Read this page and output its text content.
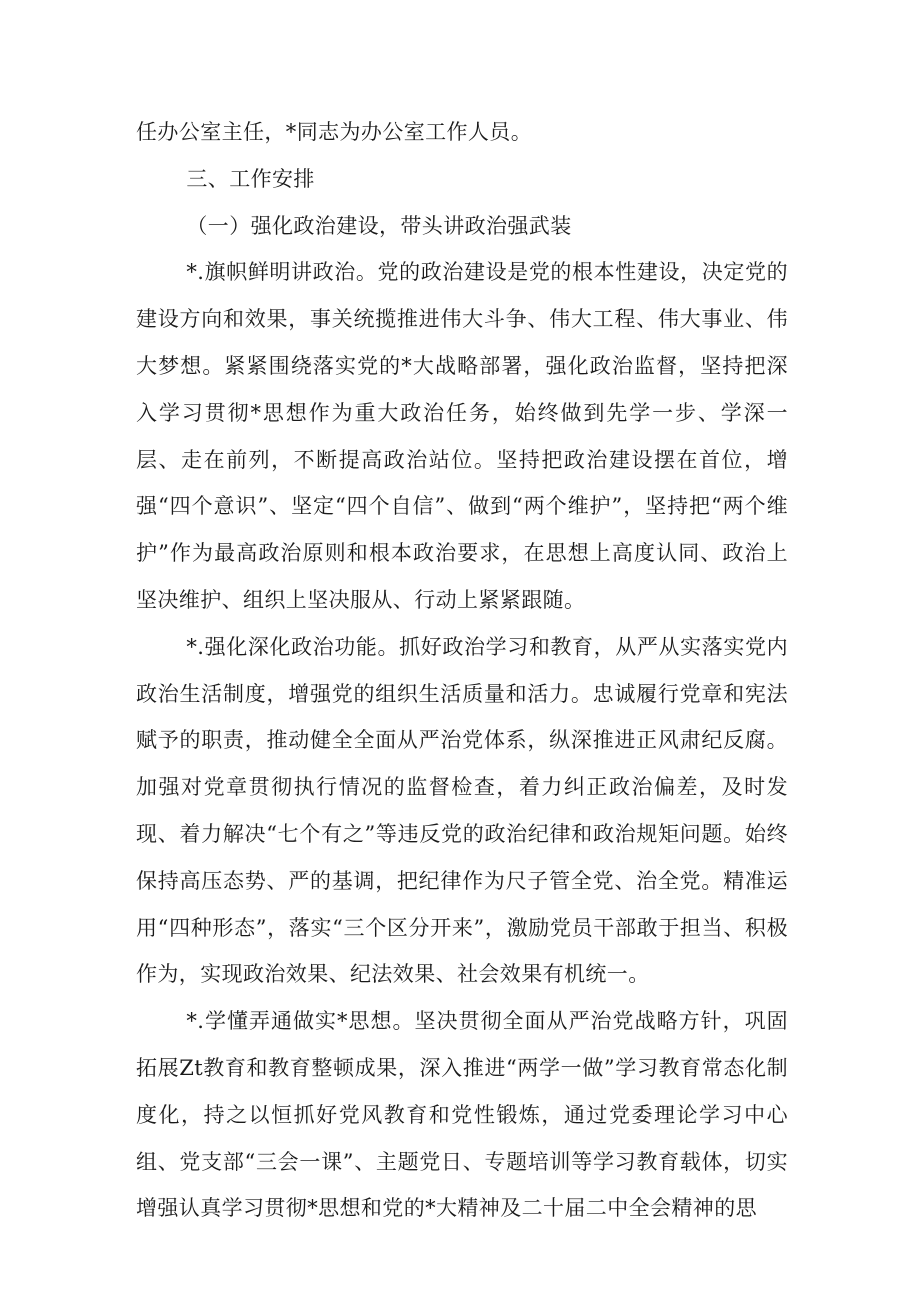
任办公室主任，*同志为办公室工作人员。

三、工作安排

（一）强化政治建设，带头讲政治强武装

*.旗帜鲜明讲政治。党的政治建设是党的根本性建设，决定党的建设方向和效果，事关统揽推进伟大斗争、伟大工程、伟大事业、伟大梦想。紧紧围绕落实党的*大战略部署，强化政治监督，坚持把深入学习贯彻*思想作为重大政治任务，始终做到先学一步、学深一层、走在前列，不断提高政治站位。坚持把政治建设摆在首位，增强“四个意识”、坚定“四个自信”、做到“两个维护”，坚持把“两个维护”作为最高政治原则和根本政治要求，在思想上高度认同、政治上坚决维护、组织上坚决服从、行动上紧紧跟随。

*.强化深化政治功能。抓好政治学习和教育，从严从实落实党内政治生活制度，增强党的组织生活质量和活力。忠诚履行党章和宪法赋予的职责，推动健全全面从严治党体系，纵深推进正风肃纪反腐。加强对党章贯彻执行情况的监督检查，着力纠正政治偏差，及时发现、着力解决“七个有之”等违反党的政治纪律和政治规矩问题。始终保持高压态势、严的基调，把纪律作为尺子管全党、治全党。精准运用“四种形态”，落实“三个区分开来”，激励党员干部敢于担当、积极作为，实现政治效果、纪法效果、社会效果有机统一。

*.学懂弄通做实*思想。坚决贯彻全面从严治党战略方针，巩固拓展Zt教育和教育整顿成果，深入推进“两学一做”学习教育常态化制度化，持之以恒抓好党风教育和党性锻炼，通过党委理论学习中心组、党支部“三会一课”、主题党日、专题培训等学习教育载体，切实增强认真学习贯彻*思想和党的*大精神及二十届二中全会精神的思
